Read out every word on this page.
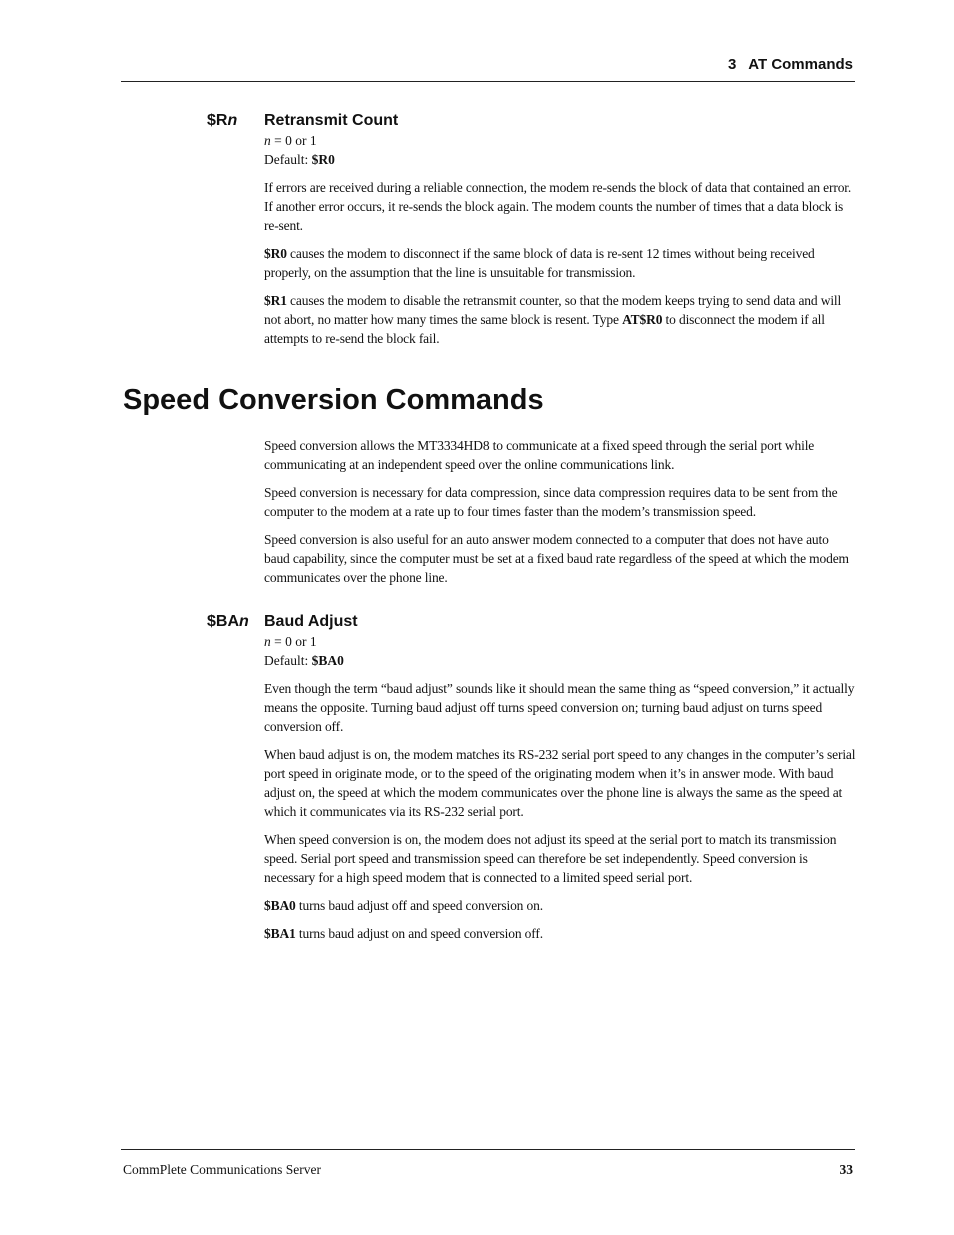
3 AT Commands
$Rn Retransmit Count
n = 0 or 1
Default: $R0

If errors are received during a reliable connection, the modem re-sends the block of data that contained an error. If another error occurs, it re-sends the block again. The modem counts the number of times that a data block is re-sent.

$R0 causes the modem to disconnect if the same block of data is re-sent 12 times without being received properly, on the assumption that the line is unsuitable for transmission.

$R1 causes the modem to disable the retransmit counter, so that the modem keeps trying to send data and will not abort, no matter how many times the same block is resent. Type AT$R0 to disconnect the modem if all attempts to re-send the block fail.

Speed Conversion Commands

Speed conversion allows the MT3334HD8 to communicate at a fixed speed through the serial port while communicating at an independent speed over the online communications link.

Speed conversion is necessary for data compression, since data compression requires data to be sent from the computer to the modem at a rate up to four times faster than the modem’s transmission speed.

Speed conversion is also useful for an auto answer modem connected to a computer that does not have auto baud capability, since the computer must be set at a fixed baud rate regardless of the speed at which the modem communicates over the phone line.

$BAn Baud Adjust
n = 0 or 1
Default: $BA0

Even though the term “baud adjust” sounds like it should mean the same thing as “speed conversion,” it actually means the opposite. Turning baud adjust off turns speed conversion on; turning baud adjust on turns speed conversion off.

When baud adjust is on, the modem matches its RS-232 serial port speed to any changes in the computer’s serial port speed in originate mode, or to the speed of the originating modem when it’s in answer mode. With baud adjust on, the speed at which the modem communicates over the phone line is always the same as the speed at which it communicates via its RS-232 serial port.

When speed conversion is on, the modem does not adjust its speed at the serial port to match its transmission speed. Serial port speed and transmission speed can therefore be set independently. Speed conversion is necessary for a high speed modem that is connected to a limited speed serial port.

$BA0 turns baud adjust off and speed conversion on.

$BA1 turns baud adjust on and speed conversion off.

CommPlete Communications Server	33
